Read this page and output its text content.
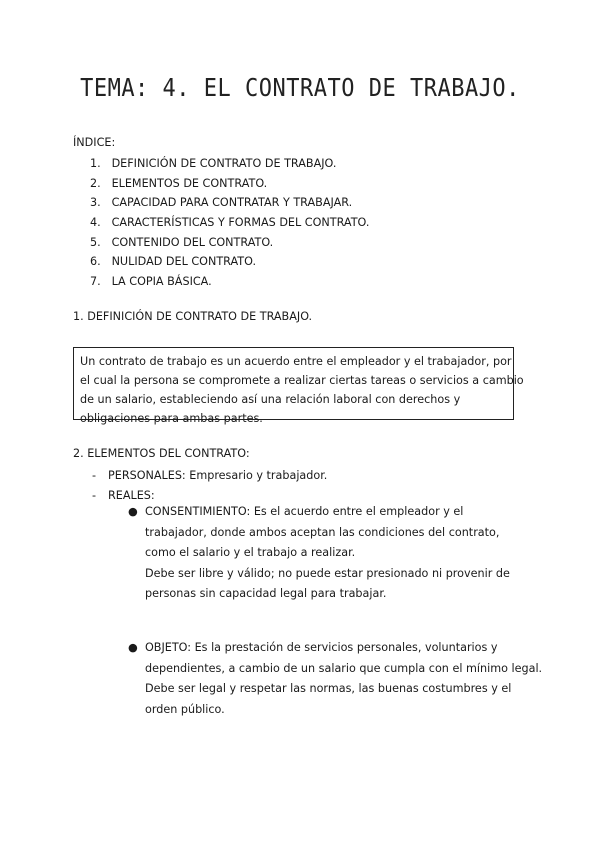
TEMA: 4. EL CONTRATO DE TRABAJO.
ÍNDICE:
1. DEFINICIÓN DE CONTRATO DE TRABAJO.
2. ELEMENTOS DE CONTRATO.
3. CAPACIDAD PARA CONTRATAR Y TRABAJAR.
4. CARACTERÍSTICAS Y FORMAS DEL CONTRATO.
5. CONTENIDO DEL CONTRATO.
6. NULIDAD DEL CONTRATO.
7. LA COPIA BÁSICA.
1. DEFINICIÓN DE CONTRATO DE TRABAJO.

Un contrato de trabajo es un acuerdo entre el empleador y el trabajador, por

el cual la persona se compromete a realizar ciertas tareas o servicios a cambio

de un salario, estableciendo así una relación laboral con derechos y

obligaciones para ambas partes.

2. ELEMENTOS DEL CONTRATO:
- PERSONALES: Empresario y trabajador.
- REALES:
● CONSENTIMIENTO: Es el acuerdo entre el empleador y el

trabajador, donde ambos aceptan las condiciones del contrato,

como el salario y el trabajo a realizar.

Debe ser libre y válido; no puede estar presionado ni provenir de

personas sin capacidad legal para trabajar.

● OBJETO: Es la prestación de servicios personales, voluntarios y

dependientes, a cambio de un salario que cumpla con el mínimo legal.

Debe ser legal y respetar las normas, las buenas costumbres y el

orden público.
